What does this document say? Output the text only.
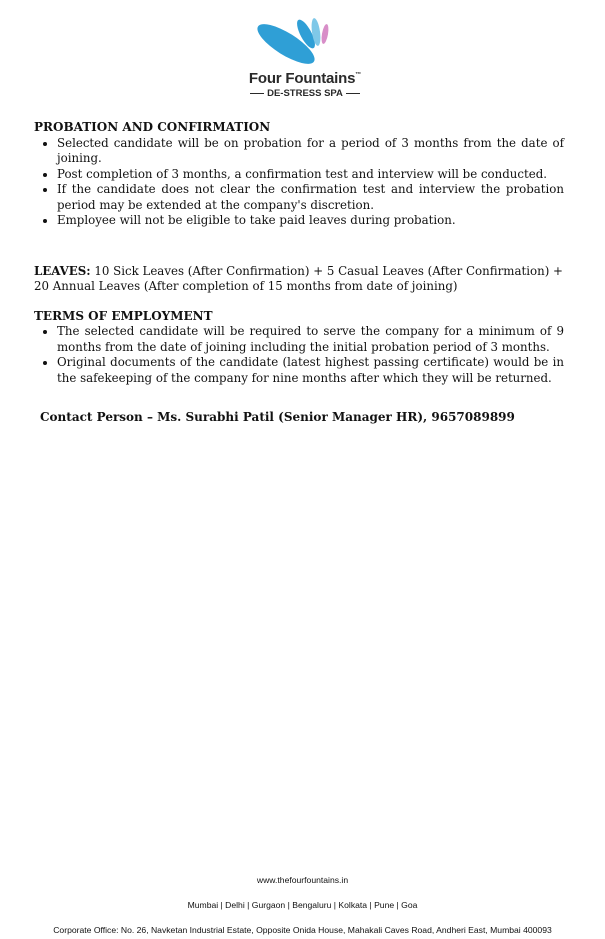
Four Fountains™
DE-STRESS SPA
PROBATION AND CONFIRMATION
• Selected candidate will be on probation for a period of 3 months from the date of joining.
• Post completion of 3 months, a confirmation test and interview will be conducted.
• If the candidate does not clear the confirmation test and interview the probation period may be extended at the company's discretion.
• Employee will not be eligible to take paid leaves during probation.
LEAVES: 10 Sick Leaves (After Confirmation) + 5 Casual Leaves (After Confirmation) + 20 Annual Leaves (After completion of 15 months from date of joining)
TERMS OF EMPLOYMENT
• The selected candidate will be required to serve the company for a minimum of 9 months from the date of joining including the initial probation period of 3 months.
• Original documents of the candidate (latest highest passing certificate) would be in the safekeeping of the company for nine months after which they will be returned.
Contact Person – Ms. Surabhi Patil (Senior Manager HR), 9657089899
www.thefourfountains.in
Mumbai | Delhi | Gurgaon | Bengaluru | Kolkata | Pune | Goa
Corporate Office: No. 26, Navketan Industrial Estate, Opposite Onida House, Mahakali Caves Road, Andheri East, Mumbai 400093
